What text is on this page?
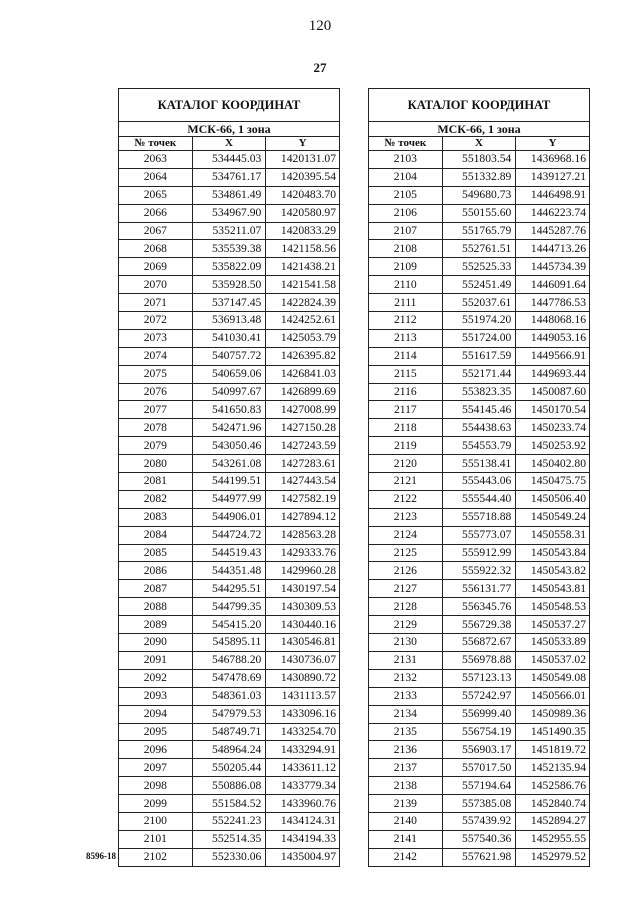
120
27
КАТАЛОГ КООРДИНАТ		
МСК-66, 1 зона		
№ точек	X	Y
2063	534445.03	1420131.07
2064	534761.17	1420395.54
2065	534861.49	1420483.70
2066	534967.90	1420580.97
2067	535211.07	1420833.29
2068	535539.38	1421158.56
2069	535822.09	1421438.21
2070	535928.50	1421541.58
2071	537147.45	1422824.39
2072	536913.48	1424252.61
2073	541030.41	1425053.79
2074	540757.72	1426395.82
2075	540659.06	1426841.03
2076	540997.67	1426899.69
2077	541650.83	1427008.99
2078	542471.96	1427150.28
2079	543050.46	1427243.59
2080	543261.08	1427283.61
2081	544199.51	1427443.54
2082	544977.99	1427582.19
2083	544906.01	1427894.12
2084	544724.72	1428563.28
2085	544519.43	1429333.76
2086	544351.48	1429960.28
2087	544295.51	1430197.54
2088	544799.35	1430309.53
2089	545415.20	1430440.16
2090	545895.11	1430546.81
2091	546788.20	1430736.07
2092	547478.69	1430890.72
2093	548361.03	1431113.57
2094	547979.53	1433096.16
2095	548749.71	1433254.70
2096	548964.24	1433294.91
2097	550205.44	1433611.12
2098	550886.08	1433779.34
2099	551584.52	1433960.76
2100	552241.23	1434124.31
2101	552514.35	1434194.33
2102	552330.06	1435004.97
КАТАЛОГ КООРДИНАТ		
МСК-66, 1 зона		
№ точек	X	Y
2103	551803.54	1436968.16
2104	551332.89	1439127.21
2105	549680.73	1446498.91
2106	550155.60	1446223.74
2107	551765.79	1445287.76
2108	552761.51	1444713.26
2109	552525.33	1445734.39
2110	552451.49	1446091.64
2111	552037.61	1447786.53
2112	551974.20	1448068.16
2113	551724.00	1449053.16
2114	551617.59	1449566.91
2115	552171.44	1449693.44
2116	553823.35	1450087.60
2117	554145.46	1450170.54
2118	554438.63	1450233.74
2119	554553.79	1450253.92
2120	555138.41	1450402.80
2121	555443.06	1450475.75
2122	555544.40	1450506.40
2123	555718.88	1450549.24
2124	555773.07	1450558.31
2125	555912.99	1450543.84
2126	555922.32	1450543.82
2127	556131.77	1450543.81
2128	556345.76	1450548.53
2129	556729.38	1450537.27
2130	556872.67	1450533.89
2131	556978.88	1450537.02
2132	557123.13	1450549.08
2133	557242.97	1450566.01
2134	556999.40	1450989.36
2135	556754.19	1451490.35
2136	556903.17	1451819.72
2137	557017.50	1452135.94
2138	557194.64	1452586.76
2139	557385.08	1452840.74
2140	557439.92	1452894.27
2141	557540.36	1452955.55
2142	557621.98	1452979.52
8596-18
